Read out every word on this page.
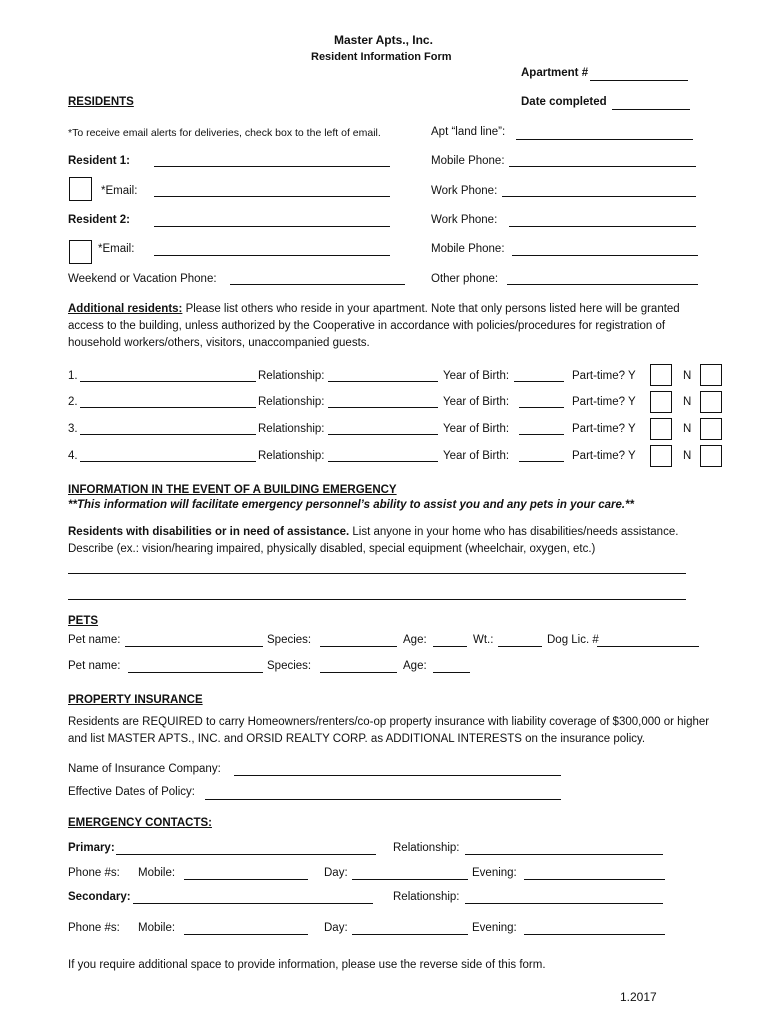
Master Apts., Inc.
Resident Information Form
Apartment #
RESIDENTS	Date completed
*To receive email alerts for deliveries, check box to the left of email.	Apt “land line”:
Resident 1:	Mobile Phone:
*Email:	Work Phone:
Resident 2:	Work Phone:
*Email:	Mobile Phone:
Weekend or Vacation Phone:	Other phone:
Additional residents: Please list others who reside in your apartment. Note that only persons listed here will be granted access to the building, unless authorized by the Cooperative in accordance with policies/procedures for registration of household workers/others, visitors, unaccompanied guests.
1.	Relationship:	Year of Birth:	Part-time? Y	N
2.	Relationship:	Year of Birth:	Part-time? Y	N
3.	Relationship:	Year of Birth:	Part-time? Y	N
4.	Relationship:	Year of Birth:	Part-time? Y	N
INFORMATION IN THE EVENT OF A BUILDING EMERGENCY
**This information will facilitate emergency personnel’s ability to assist you and any pets in your care.**
Residents with disabilities or in need of assistance. List anyone in your home who has disabilities/needs assistance. Describe (ex.: vision/hearing impaired, physically disabled, special equipment (wheelchair, oxygen, etc.)
PETS
Pet name:	Species:	Age:	Wt.:	Dog Lic. #
Pet name:	Species:	Age:
PROPERTY INSURANCE
Residents are REQUIRED to carry Homeowners/renters/co-op property insurance with liability coverage of $300,000 or higher and list MASTER APTS., INC. and ORSID REALTY CORP. as ADDITIONAL INTERESTS on the insurance policy.
Name of Insurance Company:
Effective Dates of Policy:
EMERGENCY CONTACTS:
Primary:	Relationship:
Phone #s: Mobile:	Day:	Evening:
Secondary:	Relationship:
Phone #s: Mobile:	Day:	Evening:
If you require additional space to provide information, please use the reverse side of this form.
1.2017
